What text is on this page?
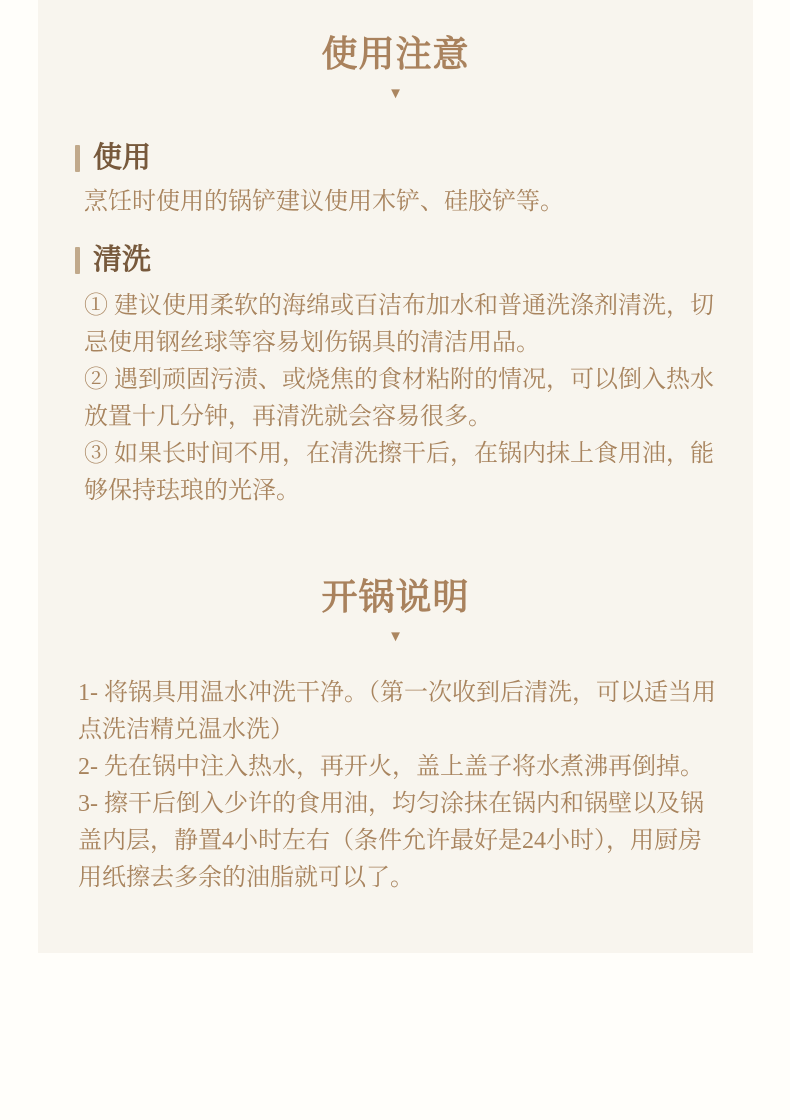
使用注意
▼
使用

烹饪时使用的锅铲建议使用木铲、硅胶铲等。

清洗

① 建议使用柔软的海绵或百洁布加水和普通洗涤剂清洗，切忌使用钢丝球等容易划伤锅具的清洁用品。

② 遇到顽固污渍、或烧焦的食材粘附的情况，可以倒入热水放置十几分钟，再清洗就会容易很多。

③ 如果长时间不用，在清洗擦干后，在锅内抹上食用油，能够保持珐琅的光泽。

开锅说明
▼

1- 将锅具用温水冲洗干净。（第一次收到后清洗，可以适当用点洗洁精兑温水洗）

2- 先在锅中注入热水，再开火，盖上盖子将水煮沸再倒掉。

3- 擦干后倒入少许的食用油，均匀涂抹在锅内和锅壁以及锅盖内层，静置4小时左右（条件允许最好是24小时），用厨房用纸擦去多余的油脂就可以了。
